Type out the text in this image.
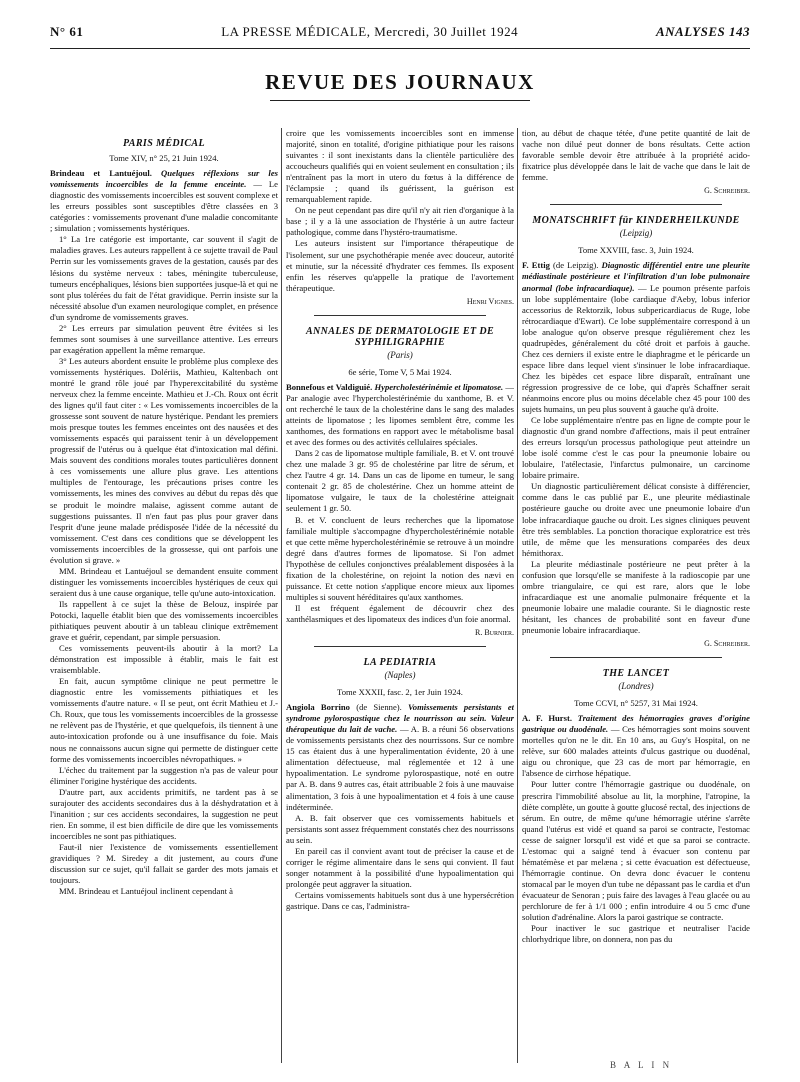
N° 61	LA PRESSE MÉDICALE, Mercredi, 30 Juillet 1924	ANALYSES 143
REVUE DES JOURNAUX
PARIS MÉDICAL
Tome XIV, n° 25, 21 Juin 1924.

Brindeau et Lantuéjoul. Quelques réflexions sur les vomissements incoercibles de la femme enceinte. — Le diagnostic des vomissements incoercibles est souvent complexe et les erreurs possibles sont susceptibles d'être classées en 3 catégories : vomissements provenant d'une maladie concomitante ; simulation ; vomissements hystériques.

1° La 1re catégorie est importante, car souvent il s'agit de maladies graves. Les auteurs rappellent à ce sujette travail de Paul Perrin sur les vomissements graves de la gestation, causés par des lésions du système nerveux : tabes, méningite tuberculeuse, tumeurs encéphaliques, lésions bien supportées jusque-là et qui ne sont plus tolérées du fait de l'état gravidique. Perrin insiste sur la nécessité absolue d'un examen neurologique complet, en présence d'un syndrome de vomissements graves.

2° Les erreurs par simulation peuvent être évitées si les femmes sont soumises à une surveillance attentive. Les erreurs par exagération appellent la même remarque.

3° Les auteurs abordent ensuite le problème plus complexe des vomissements hystériques. Dolériis, Mathieu, Kaltenbach ont montré le grand rôle joué par l'hyperexcitabilité du système nerveux chez la femme enceinte. Mathieu et J.-Ch. Roux ont écrit des lignes qu'il faut citer : « Les vomissements incoercibles de la grossesse sont souvent de nature hystérique. Pendant les premiers mois presque toutes les femmes enceintes ont des nausées et des vomissements espacés qui paraissent tenir à un développement progressif de l'utérus ou à quelque état d'intoxication mal défini. Mais souvent des conditions morales toutes particulières donnent à ces vomissements une allure plus grave. Les attentions multiples de l'entourage, les précautions prises contre les vomissements, les mines des convives au début du repas dès que se produit le moindre malaise, agissent comme autant de suggestions puissantes. Il n'en faut pas plus pour graver dans l'esprit d'une jeune malade prédisposée l'idée de la nécessité du vomissement. C'est dans ces conditions que se développent les vomissements incoercibles de la grossesse, qui ont parfois une évolution si grave. »

MM. Brindeau et Lantuéjoul se demandent ensuite comment distinguer les vomissements incoercibles hystériques de ceux qui seraient dus à une cause organique, telle qu'une auto-intoxication.

Ils rappellent à ce sujet la thèse de Belouz, inspirée par Potocki, laquelle établit bien que des vomissements incoercibles pithiatiques peuvent aboutir à un tableau clinique extrêmement grave et guérir, cependant, par simple persuasion.

Ces vomissements peuvent-ils aboutir à la mort? La démonstration est impossible à établir, mais le fait est vraisemblable.

En fait, aucun symptôme clinique ne peut permettre le diagnostic entre les vomissements pithiatiques et les vomissements d'autre nature. « Il se peut, ont écrit Mathieu et J.-Ch. Roux, que tous les vomissements incoercibles de la grossesse ne relèvent pas de l'hystérie, et que quelquefois, ils tiennent à une auto-intoxication profonde ou à une insuffisance du foie. Mais nous ne connaissons aucun signe qui permette de distinguer cette forme des vomissements incoercibles névropathiques. »

L'échec du traitement par la suggestion n'a pas de valeur pour éliminer l'origine hystérique des accidents.

D'autre part, aux accidents primitifs, ne tardent pas à se surajouter des accidents secondaires dus à la déshydratation et à l'inanition ; sur ces accidents secondaires, la suggestion ne peut rien. En somme, il est bien difficile de dire que les vomissements incoercibles ne sont pas pithiatiques.

Faut-il nier l'existence de vomissements essentiellement gravidiques ? M. Siredey a dit justement, au cours d'une discussion sur ce sujet, qu'il fallait se garder des mots jamais et toujours.

MM. Brindeau et Lantuéjoul inclinent cependant à

croire que les vomissements incoercibles sont en immense majorité, sinon en totalité, d'origine pithiatique pour les raisons suivantes : il sont inexistants dans la clientèle particulière des accoucheurs qualifiés qui en voient seulement en consultation ; ils n'entraînent pas la mort in utero du fœtus à la différence de l'éclampsie ; quand ils guérissent, la guérison est remarquablement rapide.

On ne peut cependant pas dire qu'il n'y ait rien d'organique à la base ; il y a là une association de l'hystérie à un autre facteur pathologique, comme dans l'hystéro-traumatisme.

Les auteurs insistent sur l'importance thérapeutique de l'isolement, sur une psychothérapie menée avec douceur, autorité et minutie, sur la nécessité d'hydrater ces femmes. Ils exposent enfin les réserves qu'appelle la pratique de l'avortement thérapeutique.

Henri Vignes.
ANNALES DE DERMATOLOGIE ET DE SYPHILIGRAPHIE
(Paris)
6e série, Tome V, 5 Mai 1924.

Bonnefous et Valdiguié. Hypercholestérinémie et lipomatose. — Par analogie avec l'hypercholestérinémie du xanthome, B. et V. ont recherché le taux de la cholestérine dans le sang des malades atteints de lipomatose ; les lipomes semblent être, comme les xanthomes, des formations en rapport avec le métabolisme basal et avec des formes ou des activités cellulaires spéciales.

Dans 2 cas de lipomatose multiple familiale, B. et V. ont trouvé chez une malade 3 gr. 95 de cholestérine par litre de sérum, et chez l'autre 4 gr. 14. Dans un cas de lipome en tumeur, le sang contenait 2 gr. 85 de cholestérine. Chez un homme atteint de lipomatose vulgaire, le taux de la cholestérine atteignait seulement 1 gr. 50.

B. et V. concluent de leurs recherches que la lipomatose familiale multiple s'accompagne d'hypercholestérinémie notable et que cette même hypercholestérinémie se retrouve à un moindre degré dans d'autres formes de lipomatose. Si l'on admet l'hypothèse de cellules conjonctives préalablement disposées à la fixation de la cholestérine, on rejoint la notion des nævi en puissance. Et cette notion s'applique encore mieux aux lipomes multiples si souvent héréditaires qu'aux xanthomes.

Il est fréquent également de découvrir chez des xanthélasmiques et des lipomateux des indices d'un foie anormal.

R. Burnier.
LA PEDIATRIA
(Naples)
Tome XXXII, fasc. 2, 1er Juin 1924.

Angiola Borrino (de Sienne). Vomissements persistants et syndrome pylorospastique chez le nourrisson au sein. Valeur thérapeutique du lait de vache. — A. B. a réuni 56 observations de vomissements persistants chez des nourrissons. Sur ce nombre 15 cas étaient dus à une hyperalimentation évidente, 20 à une alimentation défectueuse, mal réglementée et 12 à une hypoalimentation. Le syndrome pylorospastique, noté en outre par A. B. dans 9 autres cas, était attribuable 2 fois à une mauvaise alimentation, 3 fois à une hypoalimentation et 4 fois à une cause indéterminée.

A. B. fait observer que ces vomissements habituels et persistants sont assez fréquemment constatés chez des nourrissons au sein.

En pareil cas il convient avant tout de préciser la cause et de corriger le régime alimentaire dans le sens qui convient. Il faut songer notamment à la possibilité d'une hypoalimentation qui prolongée peut aggraver la situation.

Certains vomissements habituels sont dus à une hypersécrétion gastrique. Dans ce cas, l'administra-

tion, au début de chaque tétée, d'une petite quantité de lait de vache non dilué peut donner de bons résultats. Cette action favorable semble devoir être attribuée à la propriété acido-fixatrice plus développée dans le lait de vache que dans le lait de femme.

G. Schreiber.
MONATSCHRIFT für KINDERHEILKUNDE
(Leipzig)
Tome XXVIII, fasc. 3, Juin 1924.

F. Ettig (de Leipzig). Diagnostic différentiel entre une pleurite médiastinale postérieure et l'infiltration d'un lobe pulmonaire anormal (lobe infracardiaque). — Le poumon présente parfois un lobe supplémentaire (lobe cardiaque d'Aeby, lobus inferior accessorius de Rektorzik, lobus subpericardiacus de Ruge, lobe rétrocardiaque d'Ewart). Ce lobe supplémentaire correspond à un lobe analogue qu'on observe presque régulièrement chez les quadrupèdes, généralement du côté droit et parfois à gauche. Chez ces derniers il existe entre le diaphragme et le péricarde un espace libre dans lequel vient s'insinuer le lobe infracardiaque. Chez les bipèdes cet espace libre disparaît, entraînant une régression progressive de ce lobe, qui d'après Schaffner serait néanmoins encore plus ou moins décelable chez 45 pour 100 des sujets humains, un peu plus souvent à gauche qu'à droite.

Ce lobe supplémentaire n'entre pas en ligne de compte pour le diagnostic d'un grand nombre d'affections, mais il peut entraîner des erreurs lorsqu'un processus pathologique peut atteindre un lobe isolé comme c'est le cas pour la pneumonie lobaire ou lobulaire, l'atélectasie, l'infarctus pulmonaire, un carcinome lobaire primaire.

Un diagnostic particulièrement délicat consiste à différencier, comme dans le cas publié par E., une pleurite médiastinale postérieure gauche ou droite avec une pneumonie lobaire d'un lobe infracardiaque gauche ou droit. Les signes cliniques peuvent être très semblables. La ponction thoracique exploratrice est très utile, de même que les mensurations comparées des deux hémithorax.

La pleurite médiastinale postérieure ne peut prêter à la confusion que lorsqu'elle se manifeste à la radioscopie par une ombre triangulaire, ce qui est rare, alors que le lobe infracardiaque est une anomalie pulmonaire fréquente et la pneumonie lobaire une maladie courante. Si le diagnostic reste hésitant, les chances de probabilité sont en faveur d'une pneumonie lobaire infracardiaque.

G. Schreiber.
THE LANCET
(Londres)
Tome CCVI, n° 5257, 31 Mai 1924.

A. F. Hurst. Traitement des hémorragies graves d'origine gastrique ou duodénale. — Ces hémorragies sont moins souvent mortelles qu'on ne le dit. En 10 ans, au Guy's Hospital, on ne relève, sur 600 malades atteints d'ulcus gastrique ou duodénal, aigu ou chronique, que 23 cas de mort par hémorragie, en l'absence de cirrhose hépatique.

Pour lutter contre l'hémorragie gastrique ou duodénale, on prescrira l'immobilité absolue au lit, la morphine, l'atropine, la diète complète, un goutte à goutte glucosé rectal, des injections de sérum. En outre, de même qu'une hémorragie utérine s'arrête quand l'utérus est vidé et quand sa paroi se contracte, l'estomac cesse de saigner lorsqu'il est vidé et que sa paroi se contracte. L'estomac qui a saigné tend à évacuer son contenu par hématémèse et par melæna ; si cette évacuation est défectueuse, l'hémorragie continue. On devra donc évacuer le contenu stomacal par le moyen d'un tube ne dépassant pas le cardia et d'un évacuateur de Senoran ; puis faire des lavages à l'eau glacée ou au perchlorure de fer à 1/1 000 ; enfin introduire 4 ou 5 cmc d'une solution d'adrénaline. Alors la paroi gastrique se contracte.

Pour inactiver le suc gastrique et neutraliser l'acide chlorhydrique libre, on donnera, non pas du

B A L I N
